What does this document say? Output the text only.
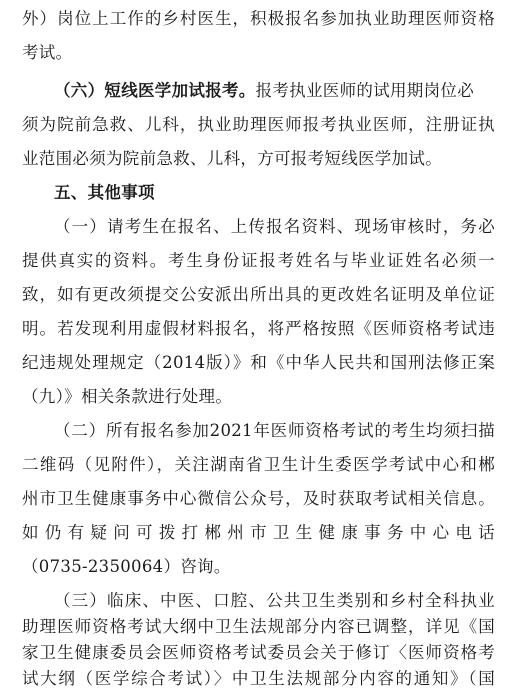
外）岗位上工作的乡村医生，积极报名参加执业助理医师资格
考试。
（六）短线医学加试报考。报考执业医师的试用期岗位必
须为院前急救、儿科，执业助理医师报考执业医师，注册证执
业范围必须为院前急救、儿科，方可报考短线医学加试。
五、其他事项
（一）请考生在报名、上传报名资料、现场审核时，务必
提供真实的资料。考生身份证报考姓名与毕业证姓名必须一
致，如有更改须提交公安派出所出具的更改姓名证明及单位证
明。若发现利用虚假材料报名，将严格按照《医师资格考试违
纪违规处理规定（2014版）》和《中华人民共和国刑法修正案
（九）》相关条款进行处理。
（二）所有报名参加2021年医师资格考试的考生均须扫描
二维码（见附件），关注湖南省卫生计生委医学考试中心和郴
州市卫生健康事务中心微信公众号，及时获取考试相关信息。
如仍有疑问可拨打郴州市卫生健康事务中心电话
（0735-2350064）咨询。
（三）临床、中医、口腔、公共卫生类别和乡村全科执业
助理医师资格考试大纲中卫生法规部分内容已调整，详见《国
家卫生健康委员会医师资格考试委员会关于修订〈医师资格考
试大纲（医学综合考试）〉中卫生法规部分内容的通知》（国
